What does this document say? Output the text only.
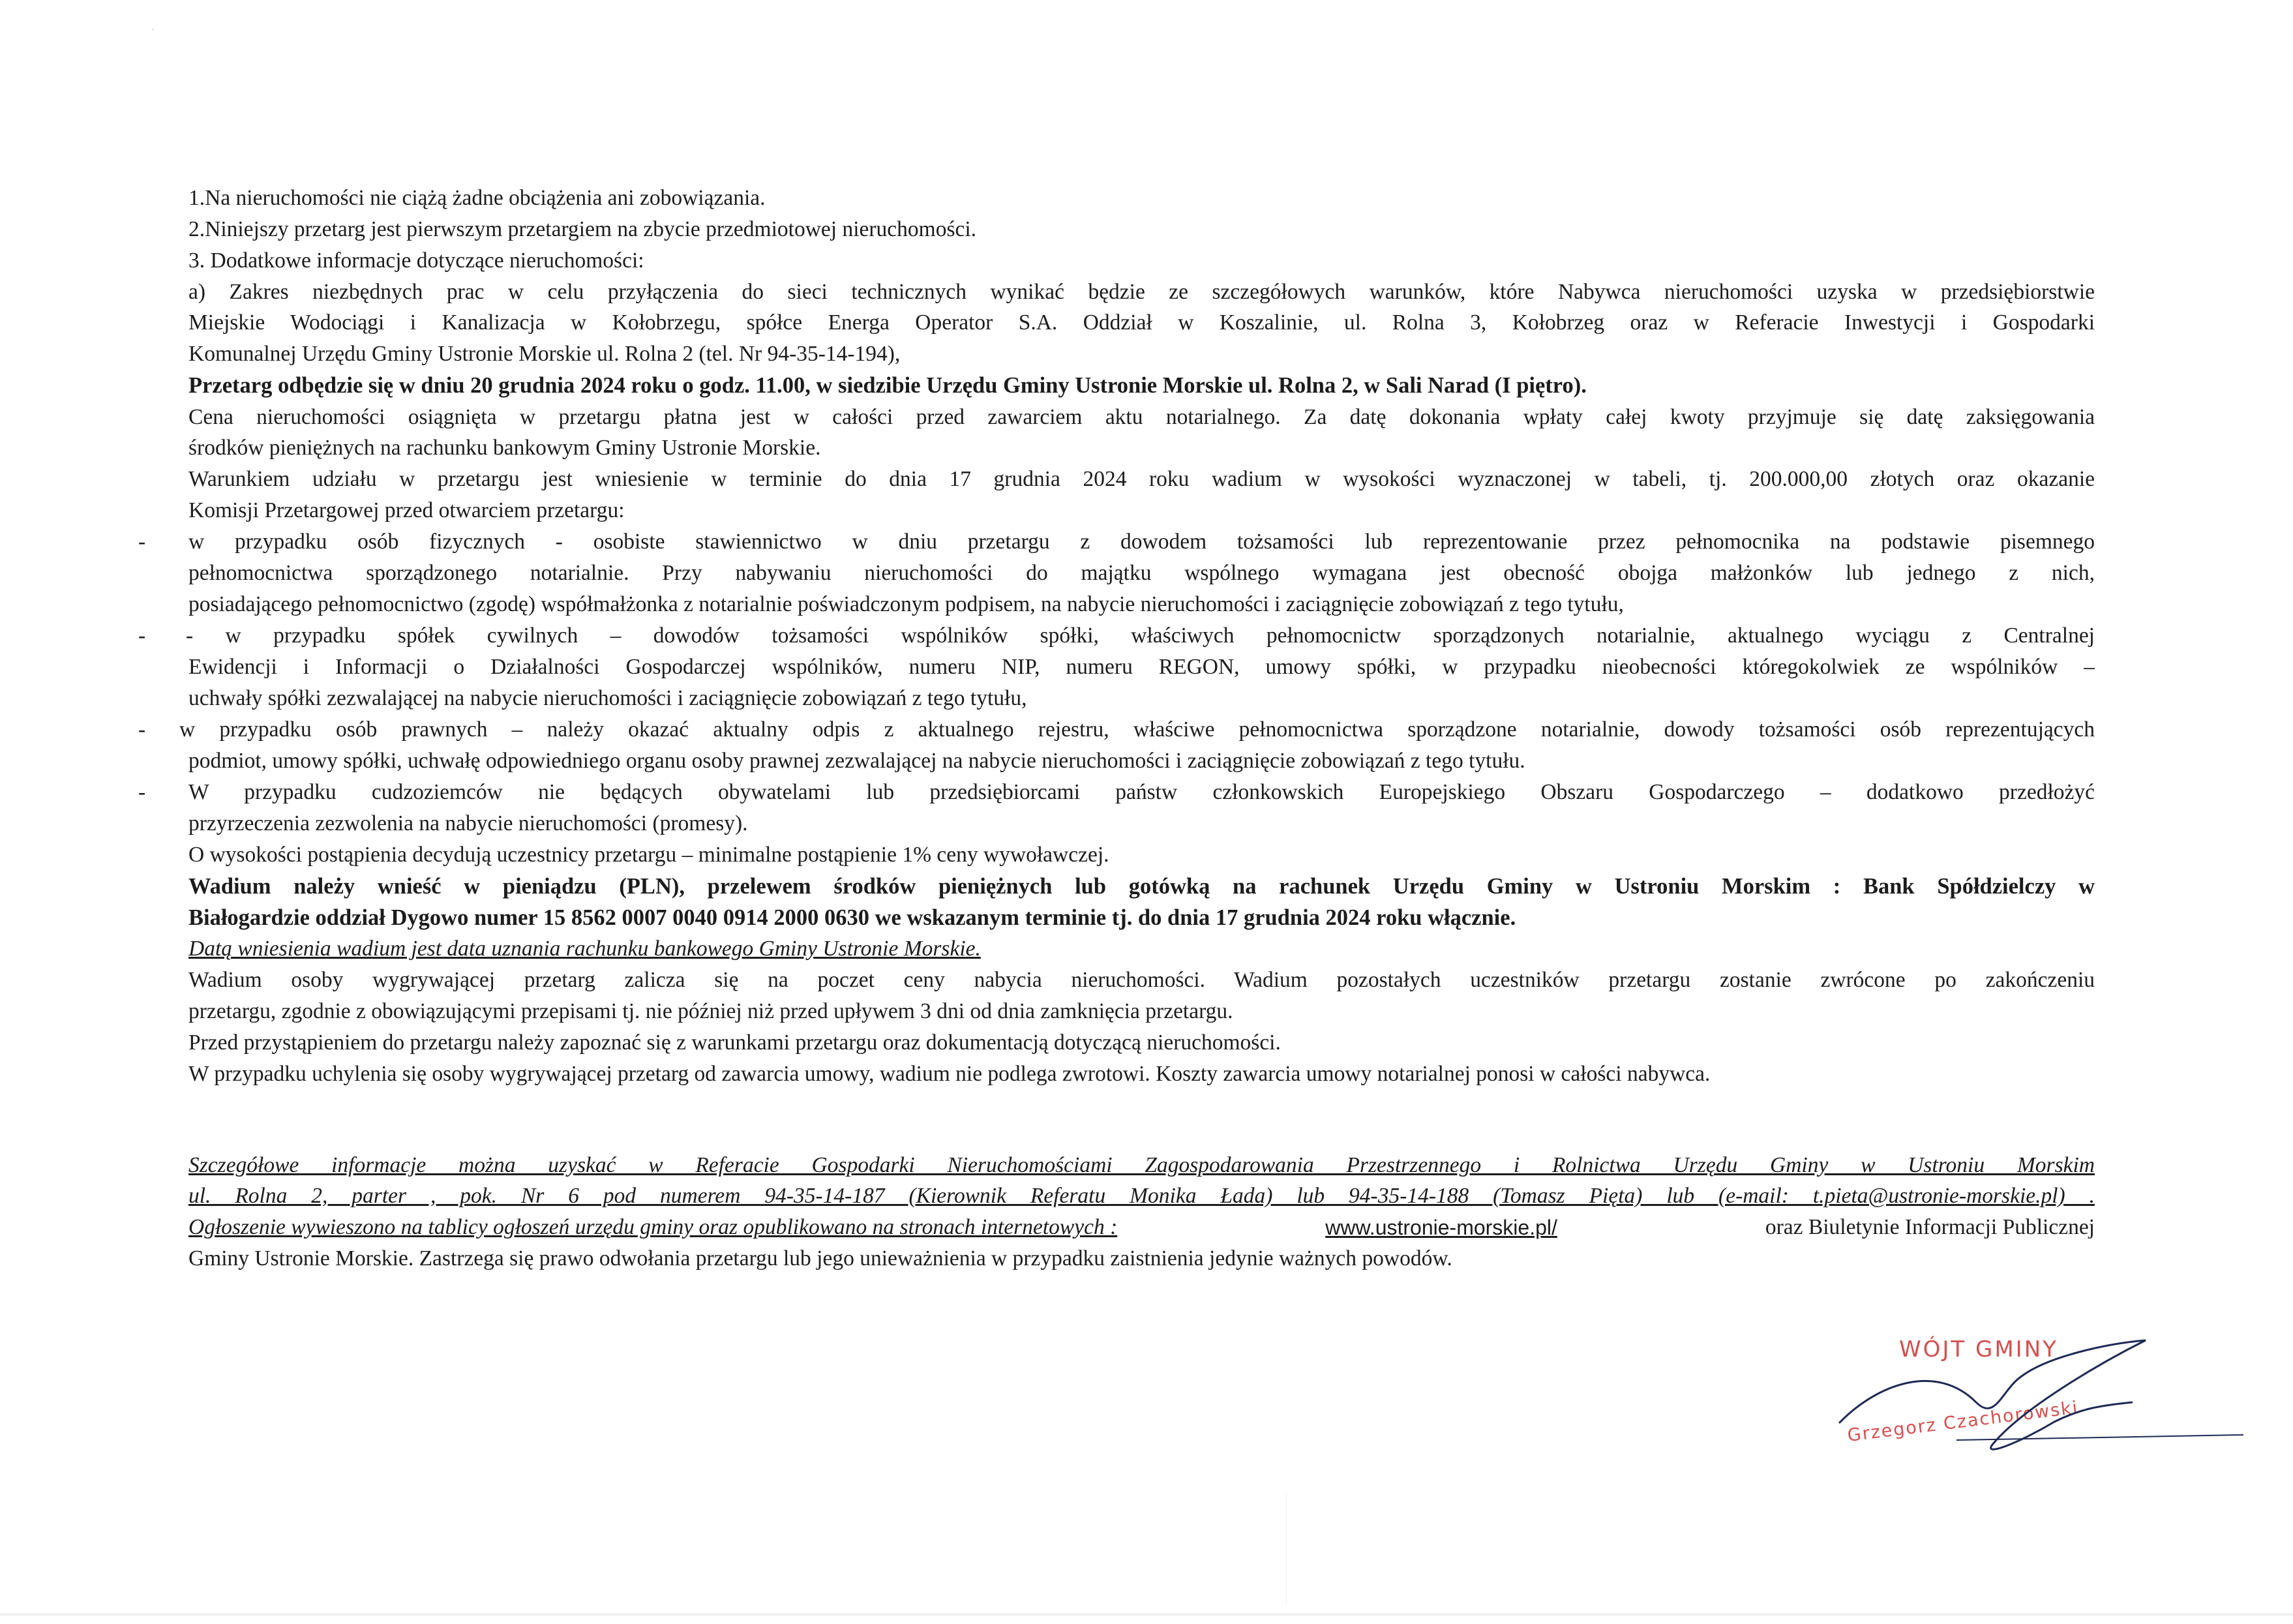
1.Na nieruchomości nie ciążą żadne obciążenia ani zobowiązania.
2.Niniejszy przetarg jest pierwszym przetargiem na zbycie przedmiotowej nieruchomości.
3. Dodatkowe informacje dotyczące nieruchomości:
a) Zakres niezbędnych prac w celu przyłączenia do sieci technicznych wynikać będzie ze szczegółowych warunków, które Nabywca nieruchomości uzyska w przedsiębiorstwie
Miejskie Wodociągi i Kanalizacja w Kołobrzegu, spółce Energa Operator S.A. Oddział w Koszalinie, ul. Rolna 3, Kołobrzeg oraz w Referacie Inwestycji i Gospodarki
Komunalnej Urzędu Gminy Ustronie Morskie ul. Rolna 2 (tel. Nr 94-35-14-194),
Przetarg odbędzie się w dniu 20 grudnia 2024 roku o godz. 11.00, w siedzibie Urzędu Gminy Ustronie Morskie ul. Rolna 2, w Sali Narad (I piętro).
Cena nieruchomości osiągnięta w przetargu płatna jest w całości przed zawarciem aktu notarialnego. Za datę dokonania wpłaty całej kwoty przyjmuje się datę zaksięgowania
środków pieniężnych na rachunku bankowym Gminy Ustronie Morskie.
Warunkiem udziału w przetargu jest wniesienie w terminie do dnia 17 grudnia 2024 roku wadium w wysokości wyznaczonej w tabeli, tj. 200.000,00 złotych oraz okazanie
Komisji Przetargowej przed otwarciem przetargu:
- w przypadku osób fizycznych - osobiste stawiennictwo w dniu przetargu z dowodem tożsamości lub reprezentowanie przez pełnomocnika na podstawie pisemnego
pełnomocnictwa sporządzonego notarialnie. Przy nabywaniu nieruchomości do majątku wspólnego wymagana jest obecność obojga małżonków lub jednego z nich,
posiadającego pełnomocnictwo (zgodę) współmałżonka z notarialnie poświadczonym podpisem, na nabycie nieruchomości i zaciągnięcie zobowiązań z tego tytułu,
- - w przypadku spółek cywilnych – dowodów tożsamości wspólników spółki, właściwych pełnomocnictw sporządzonych notarialnie, aktualnego wyciągu z Centralnej
Ewidencji i Informacji o Działalności Gospodarczej wspólników, numeru NIP, numeru REGON, umowy spółki, w przypadku nieobecności któregokolwiek ze wspólników –
uchwały spółki zezwalającej na nabycie nieruchomości i zaciągnięcie zobowiązań z tego tytułu,
- w przypadku osób prawnych – należy okazać aktualny odpis z aktualnego rejestru, właściwe pełnomocnictwa sporządzone notarialnie, dowody tożsamości osób reprezentujących
podmiot, umowy spółki, uchwałę odpowiedniego organu osoby prawnej zezwalającej na nabycie nieruchomości i zaciągnięcie zobowiązań z tego tytułu.
- W przypadku cudzoziemców nie będących obywatelami lub przedsiębiorcami państw członkowskich Europejskiego Obszaru Gospodarczego – dodatkowo przedłożyć
przyrzeczenia zezwolenia na nabycie nieruchomości (promesy).
O wysokości postąpienia decydują uczestnicy przetargu – minimalne postąpienie 1% ceny wywoławczej.
Wadium należy wnieść w pieniądzu (PLN), przelewem środków pieniężnych lub gotówką na rachunek Urzędu Gminy w Ustroniu Morskim : Bank Spółdzielczy w
Białogardzie oddział Dygowo numer 15 8562 0007 0040 0914 2000 0630 we wskazanym terminie tj. do dnia 17 grudnia 2024 roku włącznie.
Datą wniesienia wadium jest data uznania rachunku bankowego Gminy Ustronie Morskie.
Wadium osoby wygrywającej przetarg zalicza się na poczet ceny nabycia nieruchomości. Wadium pozostałych uczestników przetargu zostanie zwrócone po zakończeniu
przetargu, zgodnie z obowiązującymi przepisami tj. nie później niż przed upływem 3 dni od dnia zamknięcia przetargu.
Przed przystąpieniem do przetargu należy zapoznać się z warunkami przetargu oraz dokumentacją dotyczącą nieruchomości.
W przypadku uchylenia się osoby wygrywającej przetarg od zawarcia umowy, wadium nie podlega zwrotowi. Koszty zawarcia umowy notarialnej ponosi w całości nabywca.
Szczegółowe informacje można uzyskać w Referacie Gospodarki Nieruchomościami Zagospodarowania Przestrzennego i Rolnictwa Urzędu Gminy w Ustroniu Morskim
ul. Rolna 2, parter , pok. Nr 6 pod numerem 94-35-14-187 (Kierownik Referatu Monika Łada) lub 94-35-14-188 (Tomasz Pięta) lub (e-mail: t.pieta@ustronie-morskie.pl) .
Ogłoszenie wywieszono na tablicy ogłoszeń urzędu gminy oraz opublikowano na stronach internetowych :	www.ustronie-morskie.pl/	oraz Biuletynie Informacji Publicznej
Gminy Ustronie Morskie. Zastrzega się prawo odwołania przetargu lub jego unieważnienia w przypadku zaistnienia jedynie ważnych powodów.
WÓJT GMINY
Grzegorz Czachorowski
